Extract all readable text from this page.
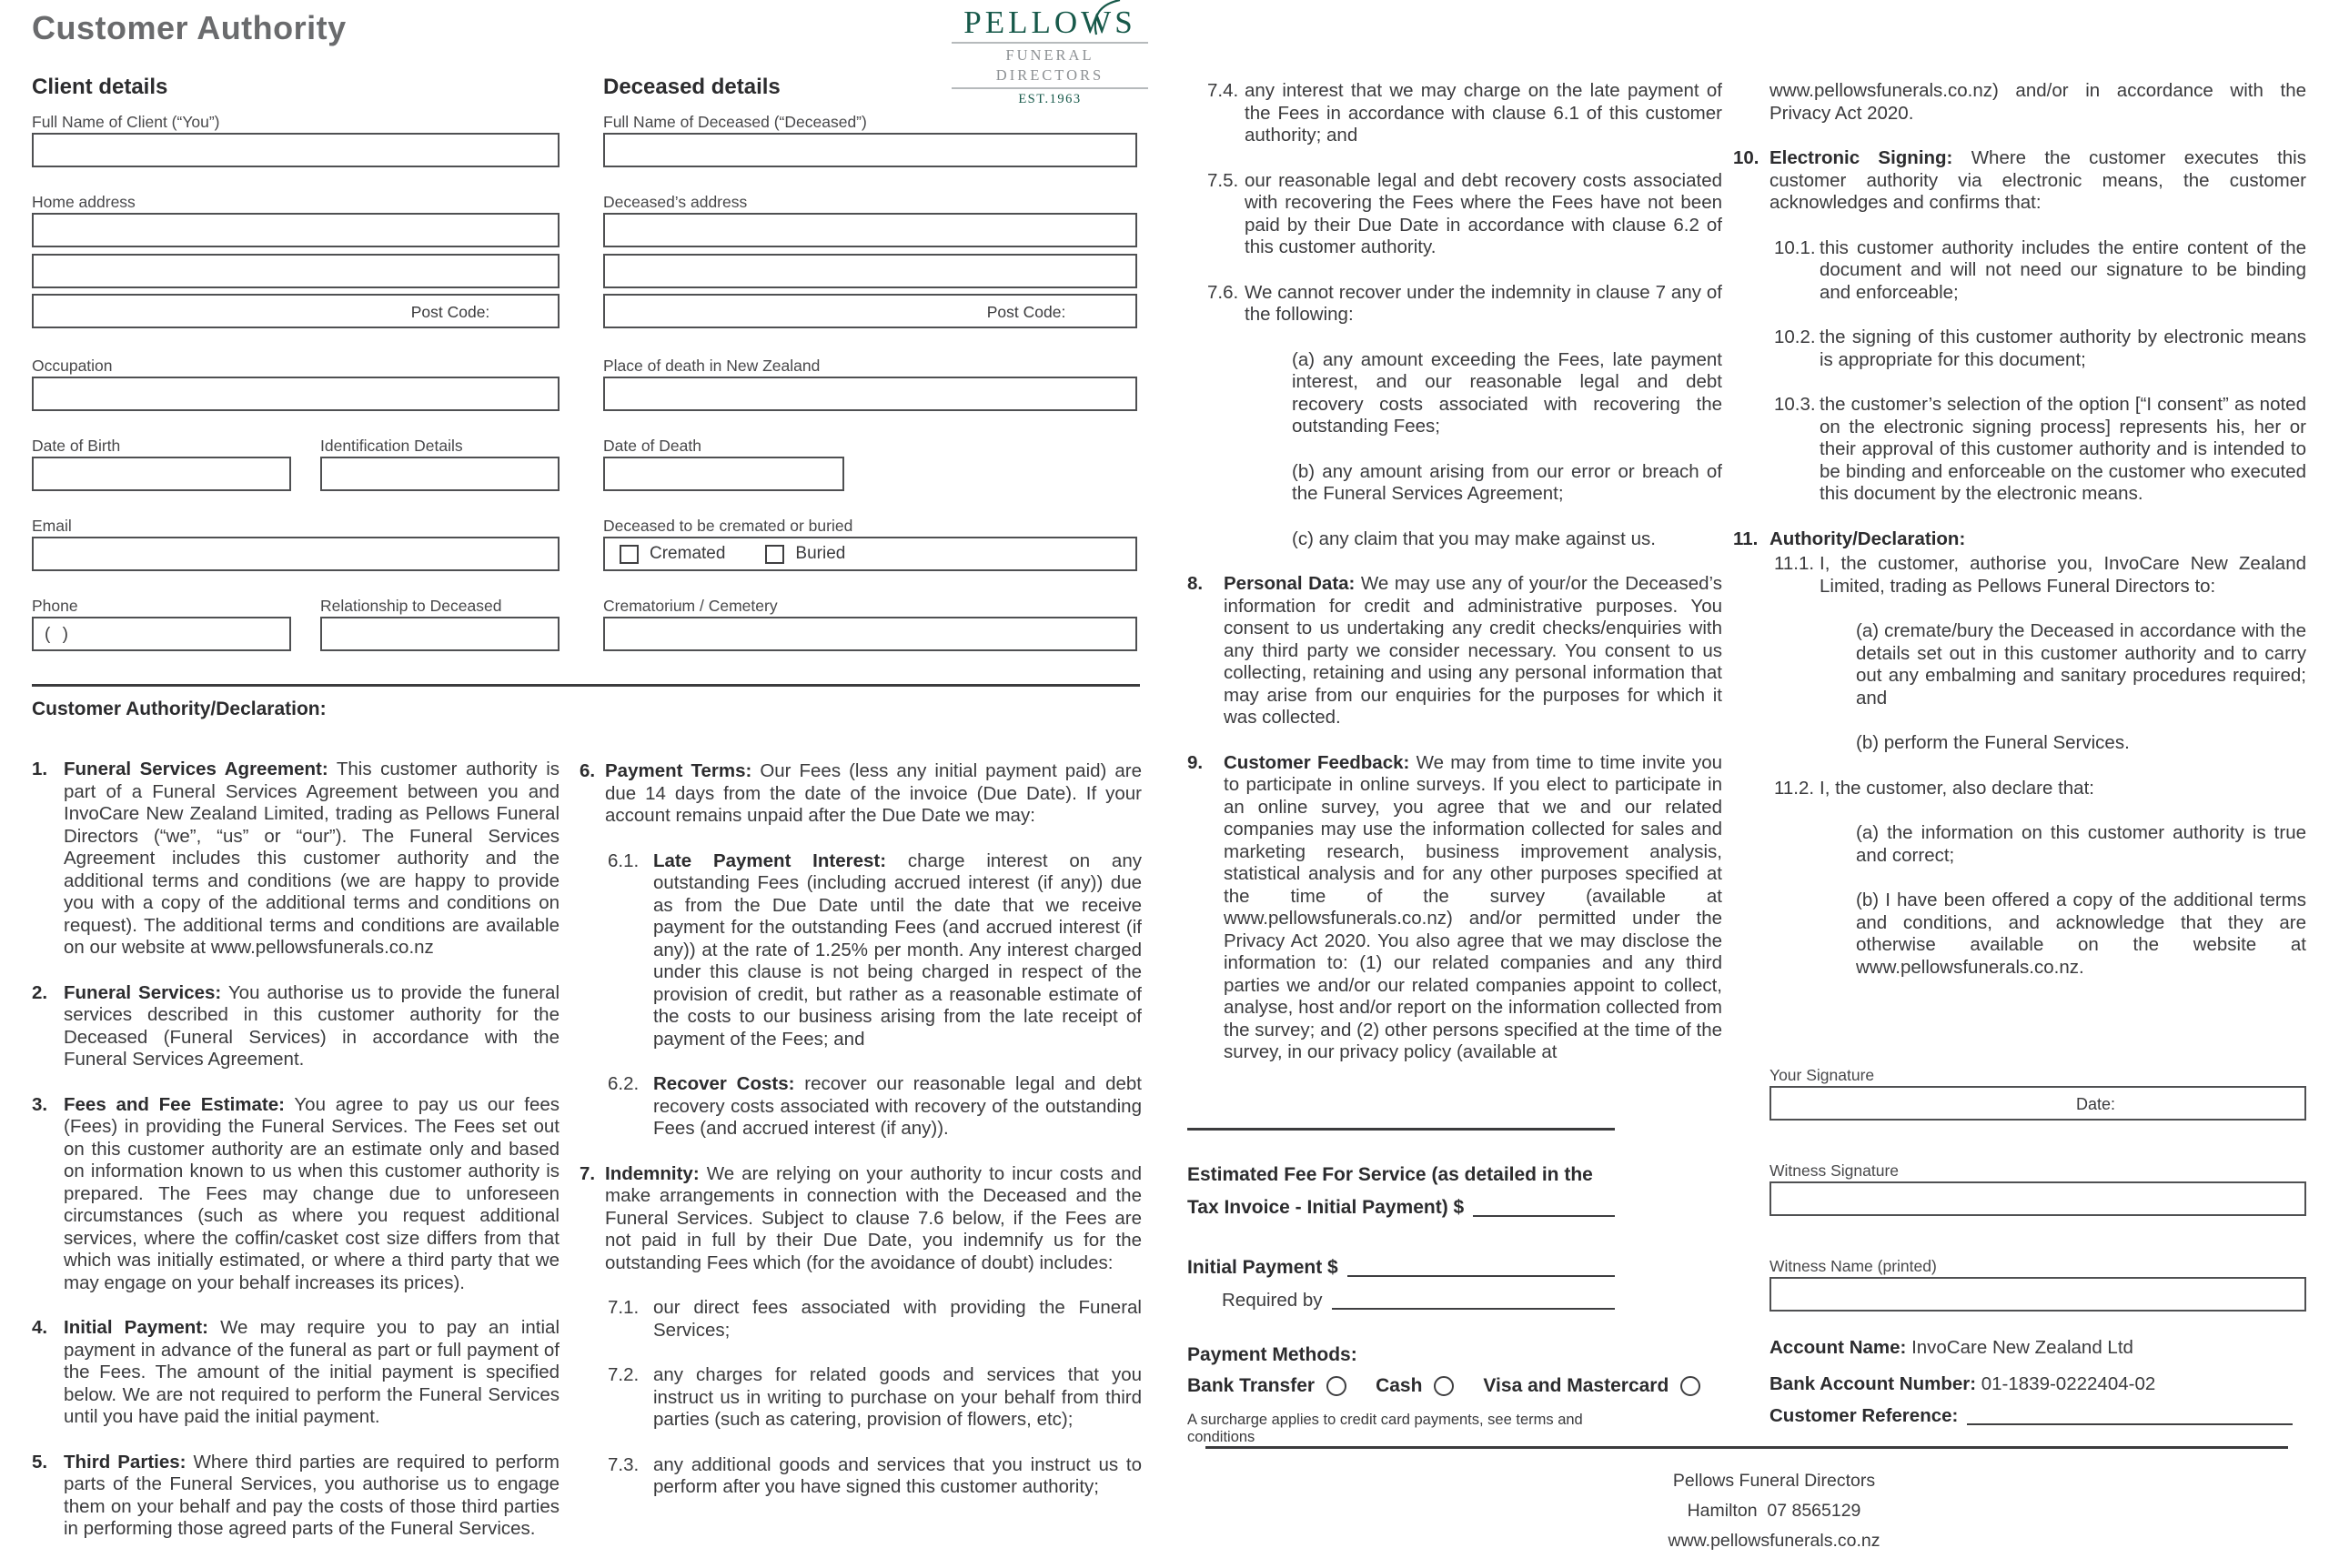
Customer Authority	PELLOWS
FUNERAL DIRECTORS
EST.1963
Client details
Full Name of Client (“You”)
Home address
Post Code:
Occupation
Date of Birth	Identification Details
Email
Phone	Relationship to Deceased
( )
Deceased details
Full Name of Deceased (“Deceased”)
Deceased’s address
Post Code:
Place of death in New Zealand
Date of Death
Deceased to be cremated or buried
Cremated	Buried
Crematorium / Cemetery
Customer Authority/Declaration:
1. Funeral Services Agreement: This customer authority is part of a Funeral Services Agreement between you and InvoCare New Zealand Limited, trading as Pellows Funeral Directors (“we”, “us” or “our”). The Funeral Services Agreement includes this customer authority and the additional terms and conditions (we are happy to provide you with a copy of the additional terms and conditions on request). The additional terms and conditions are available on our website at www.pellowsfunerals.co.nz
2. Funeral Services: You authorise us to provide the funeral services described in this customer authority for the Deceased (Funeral Services) in accordance with the Funeral Services Agreement.
3. Fees and Fee Estimate: You agree to pay us our fees (Fees) in providing the Funeral Services. The Fees set out on this customer authority are an estimate only and based on information known to us when this customer authority is prepared. The Fees may change due to unforeseen circumstances (such as where you request additional services, where the coffin/casket cost size differs from that which was initially estimated, or where a third party that we may engage on your behalf increases its prices).
4. Initial Payment: We may require you to pay an intial payment in advance of the funeral as part or full payment of the Fees. The amount of the initial payment is specified below. We are not required to perform the Funeral Services until you have paid the initial payment.
5. Third Parties: Where third parties are required to perform parts of the Funeral Services, you authorise us to engage them on your behalf and pay the costs of those third parties in performing those agreed parts of the Funeral Services.
6. Payment Terms: Our Fees (less any initial payment paid) are due 14 days from the date of the invoice (Due Date). If your account remains unpaid after the Due Date we may:
6.1. Late Payment Interest: charge interest on any outstanding Fees (including accrued interest (if any)) due as from the Due Date until the date that we receive payment for the outstanding Fees (and accrued interest (if any)) at the rate of 1.25% per month. Any interest charged under this clause is not being charged in respect of the provision of credit, but rather as a reasonable estimate of the costs to our business arising from the late receipt of payment of the Fees; and
6.2. Recover Costs: recover our reasonable legal and debt recovery costs associated with recovery of the outstanding Fees (and accrued interest (if any)).
7. Indemnity: We are relying on your authority to incur costs and make arrangements in connection with the Deceased and the Funeral Services. Subject to clause 7.6 below, if the Fees are not paid in full by their Due Date, you indemnify us for the outstanding Fees which (for the avoidance of doubt) includes:
7.1. our direct fees associated with providing the Funeral Services;
7.2. any charges for related goods and services that you instruct us in writing to purchase on your behalf from third parties (such as catering, provision of flowers, etc);
7.3. any additional goods and services that you instruct us to perform after you have signed this customer authority;
7.4. any interest that we may charge on the late payment of the Fees in accordance with clause 6.1 of this customer authority; and
7.5. our reasonable legal and debt recovery costs associated with recovering the Fees where the Fees have not been paid by their Due Date in accordance with clause 6.2 of this customer authority.
7.6. We cannot recover under the indemnity in clause 7 any of the following:
(a) any amount exceeding the Fees, late payment interest, and our reasonable legal and debt recovery costs associated with recovering the outstanding Fees;
(b) any amount arising from our error or breach of the Funeral Services Agreement;
(c) any claim that you may make against us.
8. Personal Data: We may use any of your/or the Deceased’s information for credit and administrative purposes. You consent to us undertaking any credit checks/enquiries with any third party we consider necessary. You consent to us collecting, retaining and using any personal information that may arise from our enquiries for the purposes for which it was collected.
9. Customer Feedback: We may from time to time invite you to participate in online surveys. If you elect to participate in an online survey, you agree that we and our related companies may use the information collected for sales and marketing research, business improvement analysis, statistical analysis and for any other purposes specified at the time of the survey (available at www.pellowsfunerals.co.nz) and/or permitted under the Privacy Act 2020. You also agree that we may disclose the information to: (1) our related companies and any third parties we and/or our related companies appoint to collect, analyse, host and/or report on the information collected from the survey; and (2) other persons specified at the time of the survey, in our privacy policy (available at
Estimated Fee For Service (as detailed in the
Tax Invoice - Initial Payment) $
Initial Payment $
Required by
Payment Methods:
Bank Transfer	Cash	Visa and Mastercard
A surcharge applies to credit card payments, see terms and conditions
www.pellowsfunerals.co.nz) and/or in accordance with the Privacy Act 2020.
10. Electronic Signing: Where the customer executes this customer authority via electronic means, the customer acknowledges and confirms that:
10.1. this customer authority includes the entire content of the document and will not need our signature to be binding and enforceable;
10.2. the signing of this customer authority by electronic means is appropriate for this document;
10.3. the customer’s selection of the option [“I consent” as noted on the electronic signing process] represents his, her or their approval of this customer authority and is intended to be binding and enforceable on the customer who executed this document by the electronic means.
11. Authority/Declaration:
11.1. I, the customer, authorise you, InvoCare New Zealand Limited, trading as Pellows Funeral Directors to:
(a) cremate/bury the Deceased in accordance with the details set out in this customer authority and to carry out any embalming and sanitary procedures required; and
(b) perform the Funeral Services.
11.2. I, the customer, also declare that:
(a) the information on this customer authority is true and correct;
(b) I have been offered a copy of the additional terms and conditions, and acknowledge that they are otherwise available on the website at www.pellowsfunerals.co.nz.
Your Signature
Date:
Witness Signature
Witness Name (printed)
Account Name: InvoCare New Zealand Ltd
Bank Account Number: 01-1839-0222404-02
Customer Reference:
Pellows Funeral Directors
Hamilton  07 8565129
www.pellowsfunerals.co.nz
